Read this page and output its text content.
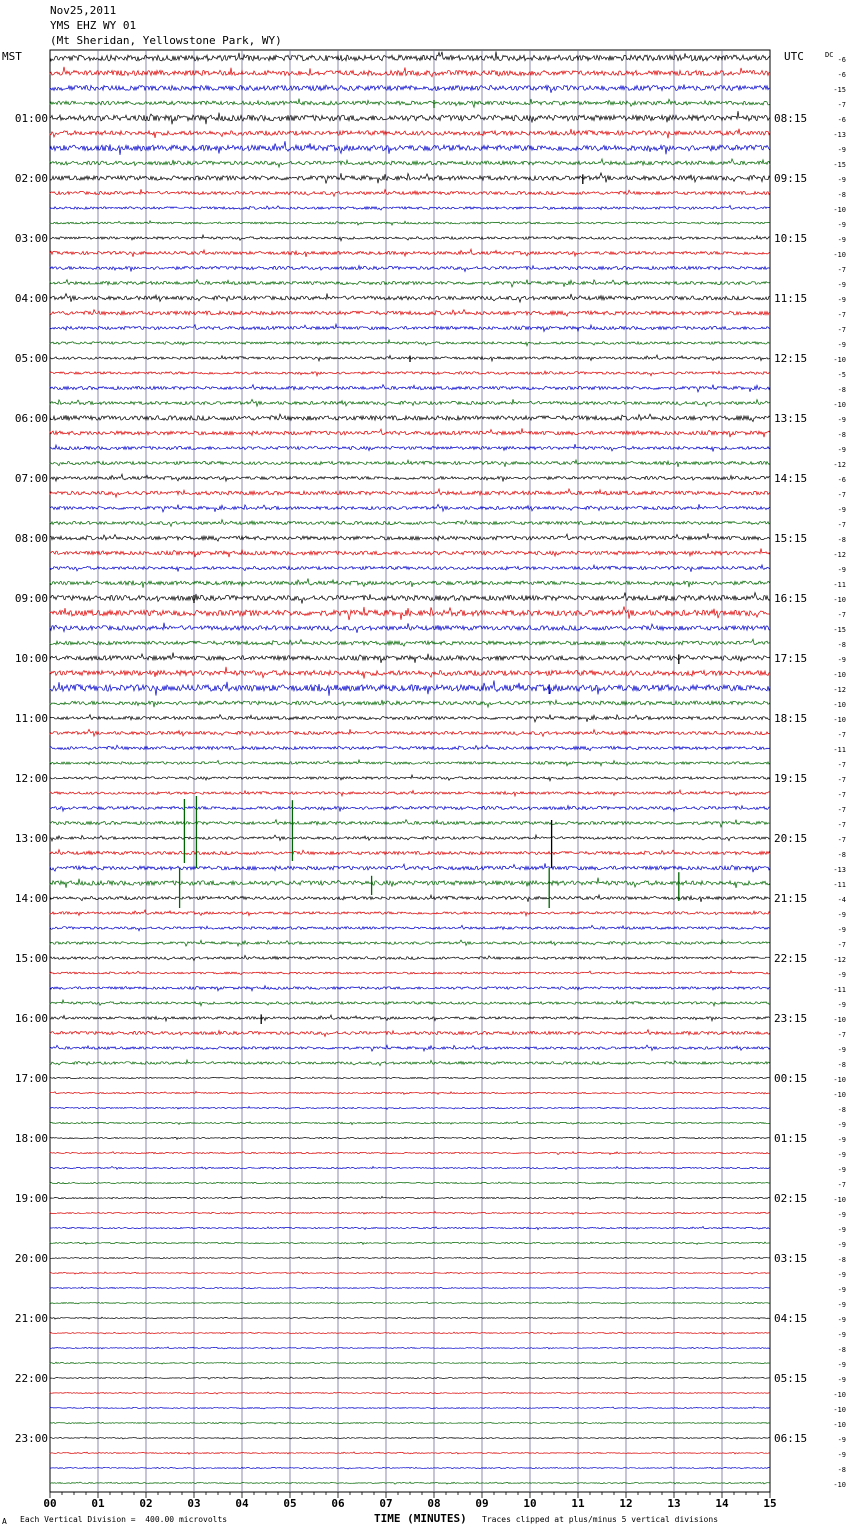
Nov25,2011
YMS EHZ WY 01
(Mt Sheridan, Yellowstone Park, WY)
MST	UTC
01:00
02:00
03:00
04:00
05:00
06:00
07:00
08:00
09:00
10:00
11:00
12:00
13:00
14:00
15:00
16:00
17:00
18:00
19:00
20:00
21:00
22:00
23:00
08:15
09:15
10:15
11:15
12:15
13:15
14:15
15:15
16:15
17:15
18:15
19:15
20:15
21:15
22:15
23:15
00:15
01:15
02:15
03:15
04:15
05:15
06:15
DC
-6
-6
-15
-7
-6
-13
-9
-15
-9
-8
-10
-9
-9
-10
-7
-9
-9
-7
-7
-9
-10
-5
-8
-10
-9
-8
-9
-12
-6
-7
-9
-7
-8
-12
-9
-11
-10
-7
-15
-8
-9
-10
-12
-10
-10
-7
-11
-7
-7
-7
-7
-7
-7
-8
-13
-11
-4
-9
-9
-7
-12
-9
-11
-9
-10
-7
-9
-8
-10
-10
-8
-9
-9
-9
-9
-7
-10
-9
-9
-9
-8
-9
-9
-9
-9
-9
-8
-9
-9
-10
-10
-10
-9
-9
-8
-10
00	01	02	03	04	05	06	07	08	09	10	11	12	13	14	15
A Each Vertical Division =  400.00 microvolts	TIME (MINUTES) Traces clipped at plus/minus 5 vertical divisions
